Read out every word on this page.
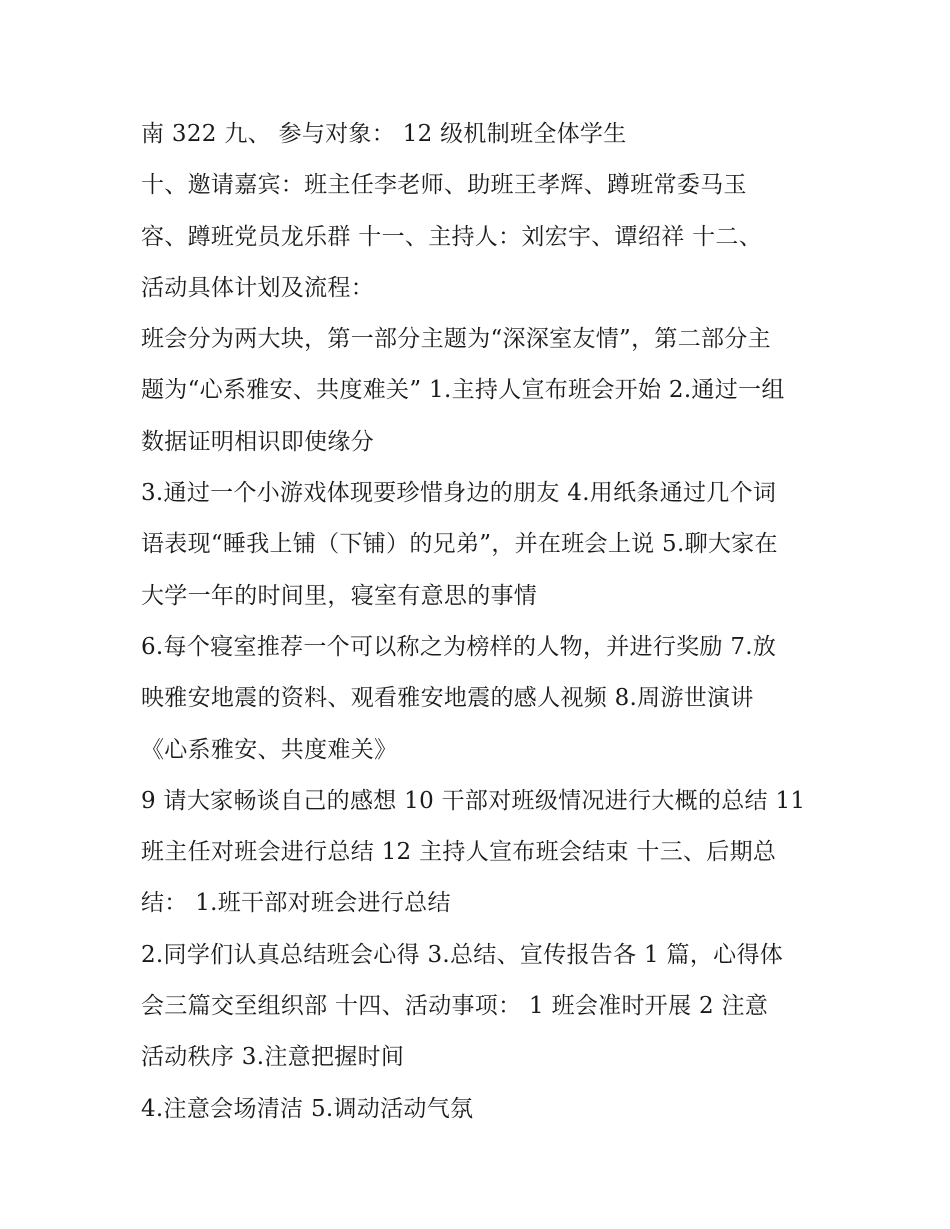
南 322 九、 参与对象： 12 级机制班全体学生
十、邀请嘉宾：班主任李老师、助班王孝辉、蹲班常委马玉
容、蹲班党员龙乐群 十一、主持人：刘宏宇、谭绍祥 十二、
活动具体计划及流程：
班会分为两大块，第一部分主题为“深深室友情”，第二部分主
题为“心系雅安、共度难关” 1.主持人宣布班会开始 2.通过一组
数据证明相识即使缘分
3.通过一个小游戏体现要珍惜身边的朋友 4.用纸条通过几个词
语表现“睡我上铺（下铺）的兄弟”，并在班会上说 5.聊大家在
大学一年的时间里，寝室有意思的事情
6.每个寝室推荐一个可以称之为榜样的人物，并进行奖励 7.放
映雅安地震的资料、观看雅安地震的感人视频 8.周游世演讲
《心系雅安、共度难关》
9 请大家畅谈自己的感想 10 干部对班级情况进行大概的总结 11
班主任对班会进行总结 12 主持人宣布班会结束 十三、后期总
结： 1.班干部对班会进行总结
2.同学们认真总结班会心得 3.总结、宣传报告各 1 篇，心得体
会三篇交至组织部 十四、活动事项： 1 班会准时开展 2 注意
活动秩序 3.注意把握时间
4.注意会场清洁 5.调动活动气氛
